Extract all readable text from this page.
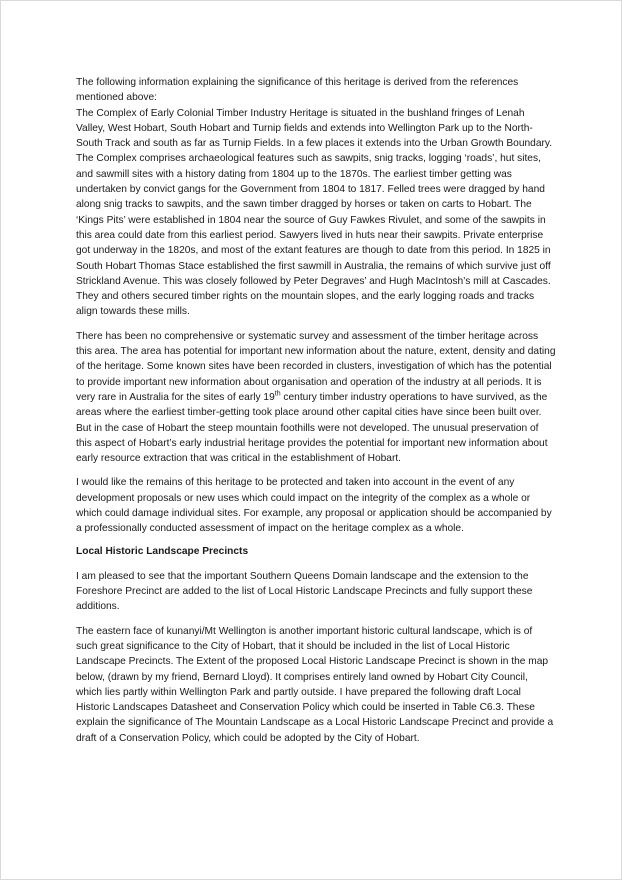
The following information explaining the significance of this heritage is derived from the references mentioned above:

The Complex of Early Colonial Timber Industry Heritage is situated in the bushland fringes of Lenah Valley, West Hobart, South Hobart and Turnip fields and extends into Wellington Park up to the North-South Track and south as far as Turnip Fields. In a few places it extends into the Urban Growth Boundary. The Complex comprises archaeological features such as sawpits, snig tracks, logging ‘roads’, hut sites, and sawmill sites with a history dating from 1804 up to the 1870s. The earliest timber getting was undertaken by convict gangs for the Government from 1804 to 1817. Felled trees were dragged by hand along snig tracks to sawpits, and the sawn timber dragged by horses or taken on carts to Hobart. The ‘Kings Pits’ were established in 1804 near the source of Guy Fawkes Rivulet, and some of the sawpits in this area could date from this earliest period. Sawyers lived in huts near their sawpits. Private enterprise got underway in the 1820s, and most of the extant features are though to date from this period. In 1825 in South Hobart Thomas Stace established the first sawmill in Australia, the remains of which survive just off Strickland Avenue. This was closely followed by Peter Degraves’ and Hugh MacIntosh’s mill at Cascades. They and others secured timber rights on the mountain slopes, and the early logging roads and tracks align towards these mills.

There has been no comprehensive or systematic survey and assessment of the timber heritage across this area. The area has potential for important new information about the nature, extent, density and dating of the heritage. Some known sites have been recorded in clusters, investigation of which has the potential to provide important new information about organisation and operation of the industry at all periods. It is very rare in Australia for the sites of early 19th century timber industry operations to have survived, as the areas where the earliest timber-getting took place around other capital cities have since been built over. But in the case of Hobart the steep mountain foothills were not developed. The unusual preservation of this aspect of Hobart’s early industrial heritage provides the potential for important new information about early resource extraction that was critical in the establishment of Hobart.

I would like the remains of this heritage to be protected and taken into account in the event of any development proposals or new uses which could impact on the integrity of the complex as a whole or which could damage individual sites. For example, any proposal or application should be accompanied by a professionally conducted assessment of impact on the heritage complex as a whole.

Local Historic Landscape Precincts

I am pleased to see that the important Southern Queens Domain landscape and the extension to the Foreshore Precinct are added to the list of Local Historic Landscape Precincts and fully support these additions.

The eastern face of kunanyi/Mt Wellington is another important historic cultural landscape, which is of such great significance to the City of Hobart, that it should be included in the list of Local Historic Landscape Precincts. The Extent of the proposed Local Historic Landscape Precinct is shown in the map below, (drawn by my friend, Bernard Lloyd). It comprises entirely land owned by Hobart City Council, which lies partly within Wellington Park and partly outside. I have prepared the following draft Local Historic Landscapes Datasheet and Conservation Policy which could be inserted in Table C6.3. These explain the significance of The Mountain Landscape as a Local Historic Landscape Precinct and provide a draft of a Conservation Policy, which could be adopted by the City of Hobart.
